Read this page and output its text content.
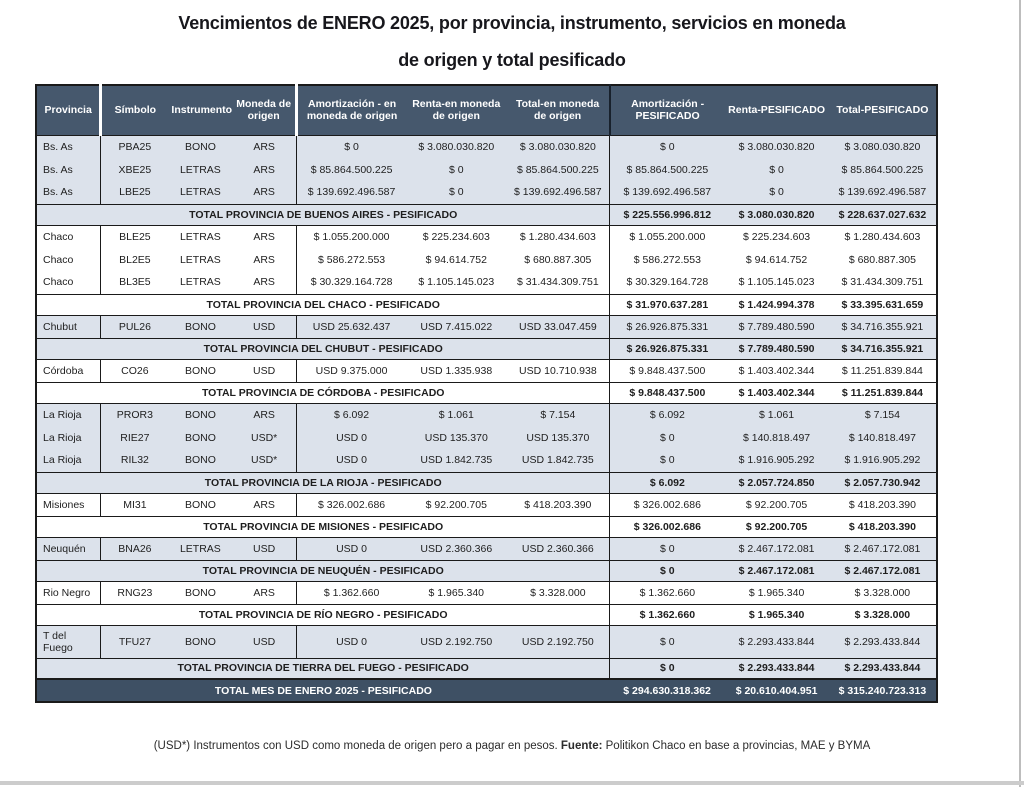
Vencimientos de ENERO 2025, por provincia, instrumento, servicios en moneda
de origen y total pesificado
Provincia	Símbolo	Instrumento	Moneda de origen	Amortización - en moneda de origen	Renta-en moneda de origen	Total-en moneda de origen	Amortización - PESIFICADO	Renta-PESIFICADO	Total-PESIFICADO
Bs. As	PBA25	BONO	ARS	$ 0	$ 3.080.030.820	$ 3.080.030.820	$ 0	$ 3.080.030.820	$ 3.080.030.820
Bs. As	XBE25	LETRAS	ARS	$ 85.864.500.225	$ 0	$ 85.864.500.225	$ 85.864.500.225	$ 0	$ 85.864.500.225
Bs. As	LBE25	LETRAS	ARS	$ 139.692.496.587	$ 0	$ 139.692.496.587	$ 139.692.496.587	$ 0	$ 139.692.496.587
TOTAL PROVINCIA DE BUENOS AIRES - PESIFICADO							$ 225.556.996.812	$ 3.080.030.820	$ 228.637.027.632
Chaco	BLE25	LETRAS	ARS	$ 1.055.200.000	$ 225.234.603	$ 1.280.434.603	$ 1.055.200.000	$ 225.234.603	$ 1.280.434.603
Chaco	BL2E5	LETRAS	ARS	$ 586.272.553	$ 94.614.752	$ 680.887.305	$ 586.272.553	$ 94.614.752	$ 680.887.305
Chaco	BL3E5	LETRAS	ARS	$ 30.329.164.728	$ 1.105.145.023	$ 31.434.309.751	$ 30.329.164.728	$ 1.105.145.023	$ 31.434.309.751
TOTAL PROVINCIA DEL CHACO - PESIFICADO							$ 31.970.637.281	$ 1.424.994.378	$ 33.395.631.659
Chubut	PUL26	BONO	USD	USD 25.632.437	USD 7.415.022	USD 33.047.459	$ 26.926.875.331	$ 7.789.480.590	$ 34.716.355.921
TOTAL PROVINCIA DEL CHUBUT - PESIFICADO							$ 26.926.875.331	$ 7.789.480.590	$ 34.716.355.921
Córdoba	CO26	BONO	USD	USD 9.375.000	USD 1.335.938	USD 10.710.938	$ 9.848.437.500	$ 1.403.402.344	$ 11.251.839.844
TOTAL PROVINCIA DE CÓRDOBA - PESIFICADO							$ 9.848.437.500	$ 1.403.402.344	$ 11.251.839.844
La Rioja	PROR3	BONO	ARS	$ 6.092	$ 1.061	$ 7.154	$ 6.092	$ 1.061	$ 7.154
La Rioja	RIE27	BONO	USD*	USD 0	USD 135.370	USD 135.370	$ 0	$ 140.818.497	$ 140.818.497
La Rioja	RIL32	BONO	USD*	USD 0	USD 1.842.735	USD 1.842.735	$ 0	$ 1.916.905.292	$ 1.916.905.292
TOTAL PROVINCIA DE LA RIOJA - PESIFICADO							$ 6.092	$ 2.057.724.850	$ 2.057.730.942
Misiones	MI31	BONO	ARS	$ 326.002.686	$ 92.200.705	$ 418.203.390	$ 326.002.686	$ 92.200.705	$ 418.203.390
TOTAL PROVINCIA DE MISIONES - PESIFICADO							$ 326.002.686	$ 92.200.705	$ 418.203.390
Neuquén	BNA26	LETRAS	USD	USD 0	USD 2.360.366	USD 2.360.366	$ 0	$ 2.467.172.081	$ 2.467.172.081
TOTAL PROVINCIA DE NEUQUÉN - PESIFICADO							$ 0	$ 2.467.172.081	$ 2.467.172.081
Rio Negro	RNG23	BONO	ARS	$ 1.362.660	$ 1.965.340	$ 3.328.000	$ 1.362.660	$ 1.965.340	$ 3.328.000
TOTAL PROVINCIA DE RÍO NEGRO - PESIFICADO							$ 1.362.660	$ 1.965.340	$ 3.328.000
T del Fuego	TFU27	BONO	USD	USD 0	USD 2.192.750	USD 2.192.750	$ 0	$ 2.293.433.844	$ 2.293.433.844
TOTAL PROVINCIA DE TIERRA DEL FUEGO - PESIFICADO							$ 0	$ 2.293.433.844	$ 2.293.433.844
TOTAL MES DE ENERO 2025 - PESIFICADO							$ 294.630.318.362	$ 20.610.404.951	$ 315.240.723.313
(USD*) Instrumentos con USD como moneda de origen pero a pagar en pesos. Fuente: Politikon Chaco en base a provincias, MAE y BYMA
